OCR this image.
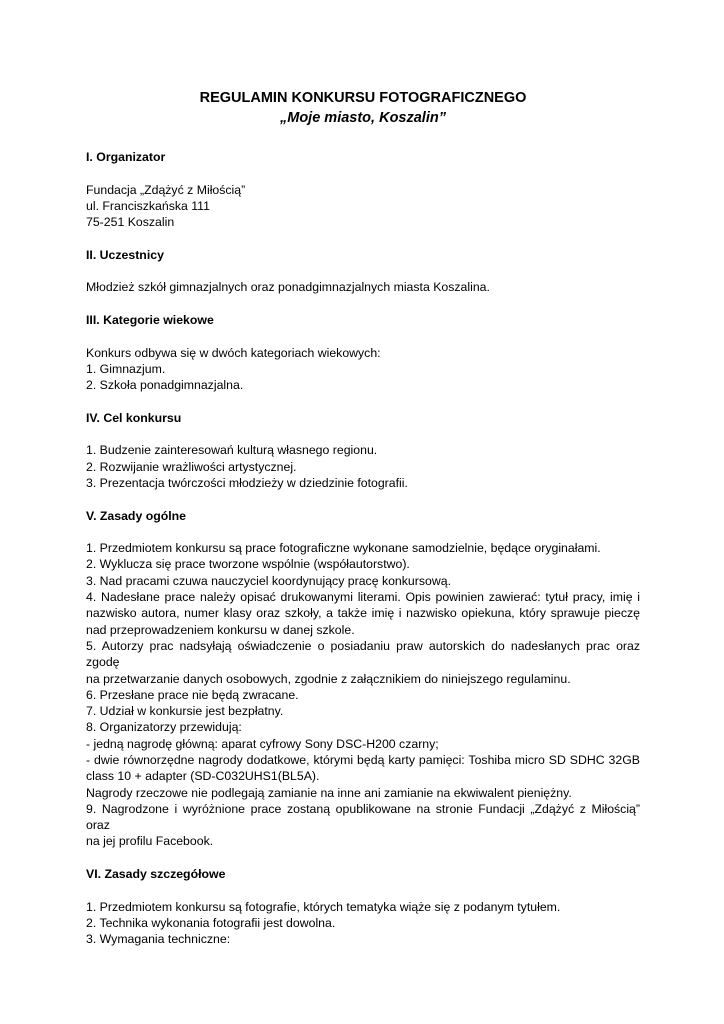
REGULAMIN KONKURSU FOTOGRAFICZNEGO

„Moje miasto, Koszalin”

I. Organizator

Fundacja „Zdążyć z Miłością”

ul. Franciszkańska 111

75-251 Koszalin

II. Uczestnicy

Młodzież szkół gimnazjalnych oraz ponadgimnazjalnych miasta Koszalina.

III. Kategorie wiekowe

Konkurs odbywa się w dwóch kategoriach wiekowych:

1. Gimnazjum.

2. Szkoła ponadgimnazjalna.

IV. Cel konkursu

1. Budzenie zainteresowań kulturą własnego regionu.

2. Rozwijanie wrażliwości artystycznej.

3. Prezentacja twórczości młodzieży w dziedzinie fotografii.

V. Zasady ogólne

1. Przedmiotem konkursu są prace fotograficzne wykonane samodzielnie, będące oryginałami.

2. Wyklucza się prace tworzone wspólnie (współautorstwo).

3. Nad pracami czuwa nauczyciel koordynujący pracę konkursową.

4. Nadesłane prace należy opisać drukowanymi literami. Opis powinien zawierać: tytuł pracy, imię i

nazwisko autora, numer klasy oraz szkoły, a także imię i nazwisko opiekuna, który sprawuje pieczę

nad przeprowadzeniem konkursu w danej szkole.

5. Autorzy prac nadsyłają oświadczenie o posiadaniu praw autorskich do nadesłanych prac oraz zgodę

na przetwarzanie danych osobowych, zgodnie z załącznikiem do niniejszego regulaminu.

6. Przesłane prace nie będą zwracane.

7. Udział w konkursie jest bezpłatny.

8. Organizatorzy przewidują:

- jedną nagrodę główną: aparat cyfrowy Sony DSC-H200 czarny;

- dwie równorzędne nagrody dodatkowe, którymi będą karty pamięci: Toshiba micro SD SDHC 32GB

class 10 + adapter (SD-C032UHS1(BL5A).

Nagrody rzeczowe nie podlegają zamianie na inne ani zamianie na ekwiwalent pieniężny.

9. Nagrodzone i wyróżnione prace zostaną opublikowane na stronie Fundacji „Zdążyć z Miłością” oraz

na jej profilu Facebook.

VI. Zasady szczegółowe

1. Przedmiotem konkursu są fotografie, których tematyka wiąże się z podanym tytułem.

2. Technika wykonania fotografii jest dowolna.

3. Wymagania techniczne:
